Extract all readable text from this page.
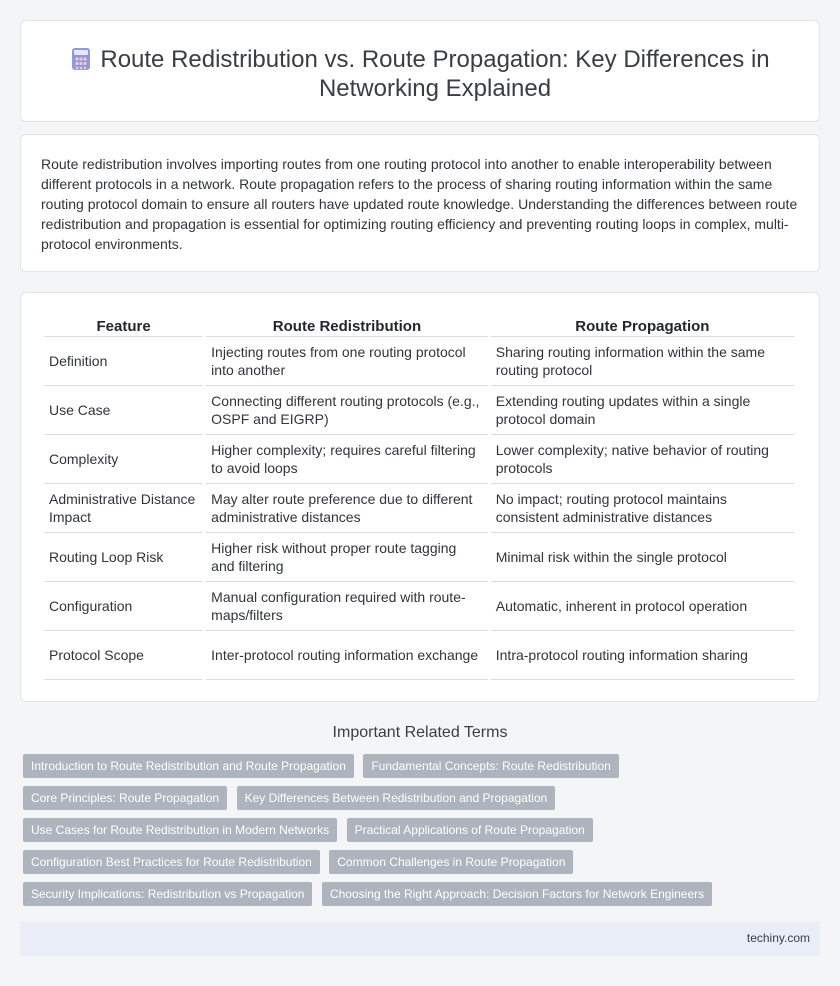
Route Redistribution vs. Route Propagation: Key Differences in Networking Explained

Route redistribution involves importing routes from one routing protocol into another to enable interoperability between different protocols in a network. Route propagation refers to the process of sharing routing information within the same routing protocol domain to ensure all routers have updated route knowledge. Understanding the differences between route redistribution and propagation is essential for optimizing routing efficiency and preventing routing loops in complex, multi-protocol environments.

Feature	Route Redistribution	Route Propagation
Definition	Injecting routes from one routing protocol into another	Sharing routing information within the same routing protocol
Use Case	Connecting different routing protocols (e.g., OSPF and EIGRP)	Extending routing updates within a single protocol domain
Complexity	Higher complexity; requires careful filtering to avoid loops	Lower complexity; native behavior of routing protocols
Administrative Distance Impact	May alter route preference due to different administrative distances	No impact; routing protocol maintains consistent administrative distances
Routing Loop Risk	Higher risk without proper route tagging and filtering	Minimal risk within the single protocol
Configuration	Manual configuration required with route-maps/filters	Automatic, inherent in protocol operation
Protocol Scope	Inter-protocol routing information exchange	Intra-protocol routing information sharing
Important Related Terms
Introduction to Route Redistribution and Route Propagation Fundamental Concepts: Route Redistribution
Core Principles: Route Propagation Key Differences Between Redistribution and Propagation
Use Cases for Route Redistribution in Modern Networks Practical Applications of Route Propagation
Configuration Best Practices for Route Redistribution Common Challenges in Route Propagation
Security Implications: Redistribution vs Propagation Choosing the Right Approach: Decision Factors for Network Engineers
techiny.com
